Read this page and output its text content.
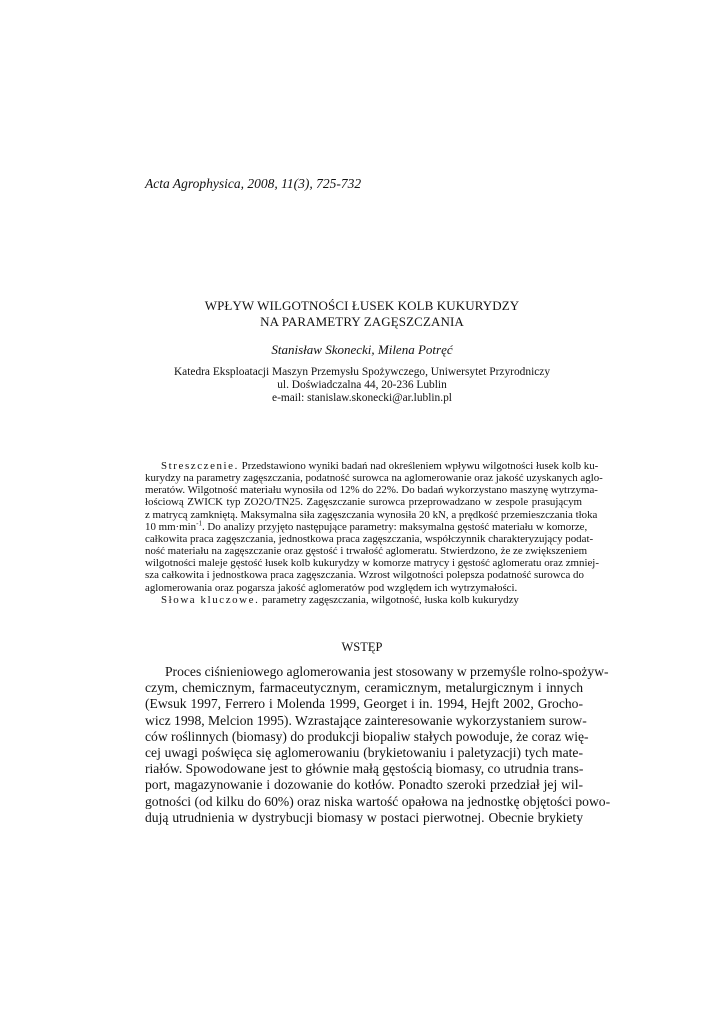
Acta Agrophysica, 2008, 11(3), 725-732
WPŁYW WILGOTNOŚCI ŁUSEK KOLB KUKURYDZY
NA PARAMETRY ZAGĘSZCZANIA
Stanisław Skonecki, Milena Potręć
Katedra Eksploatacji Maszyn Przemysłu Spożywczego, Uniwersytet Przyrodniczy
ul. Doświadczalna 44, 20-236 Lublin
e-mail: stanislaw.skonecki@ar.lublin.pl
Streszczenie. Przedstawiono wyniki badań nad określeniem wpływu wilgotności łusek kolb ku-
kurydzy na parametry zagęszczania, podatność surowca na aglomerowanie oraz jakość uzyskanych aglo-
meratów. Wilgotność materiału wynosiła od 12% do 22%. Do badań wykorzystano maszynę wytrzyma-
łościową ZWICK typ ZO2O/TN25. Zagęszczanie surowca przeprowadzano w zespole prasującym
z matrycą zamkniętą. Maksymalna siła zagęszczania wynosiła 20 kN, a prędkość przemieszczania tłoka
10 $mm\cdot\min^{-1}$. Do analizy przyjęto następujące parametry: maksymalna gęstość materiału w komorze,
całkowita praca zagęszczania, jednostkowa praca zagęszczania, współczynnik charakteryzujący podat-
ność materiału na zagęszczanie oraz gęstość i trwałość aglomeratu. Stwierdzono, że ze zwiększeniem
wilgotności maleje gęstość łusek kolb kukurydzy w komorze matrycy i gęstość aglomeratu oraz zmniej-
sza całkowita i jednostkowa praca zagęszczania. Wzrost wilgotności polepsza podatność surowca do
aglomerowania oraz pogarsza jakość aglomeratów pod względem ich wytrzymałości.
Słowa kluczowe. parametry zagęszczania, wilgotność, łuska kolb kukurydzy
WSTĘP
Proces ciśnieniowego aglomerowania jest stosowany w przemyśle rolno-spożyw-
czym, chemicznym, farmaceutycznym, ceramicznym, metalurgicznym i innych
(Ewsuk 1997, Ferrero i Molenda 1999, Georget i in. 1994, Hejft 2002, Grocho-
wicz 1998, Melcion 1995). Wzrastające zainteresowanie wykorzystaniem surow-
ców roślinnych (biomasy) do produkcji biopaliw stałych powoduje, że coraz wię-
cej uwagi poświęca się aglomerowaniu (brykietowaniu i paletyzacji) tych mate-
riałów. Spowodowane jest to głównie małą gęstością biomasy, co utrudnia trans-
port, magazynowanie i dozowanie do kotłów. Ponadto szeroki przedział jej wil-
gotności (od kilku do 60%) oraz niska wartość opałowa na jednostkę objętości powo-
dują utrudnienia w dystrybucji biomasy w postaci pierwotnej. Obecnie brykiety
